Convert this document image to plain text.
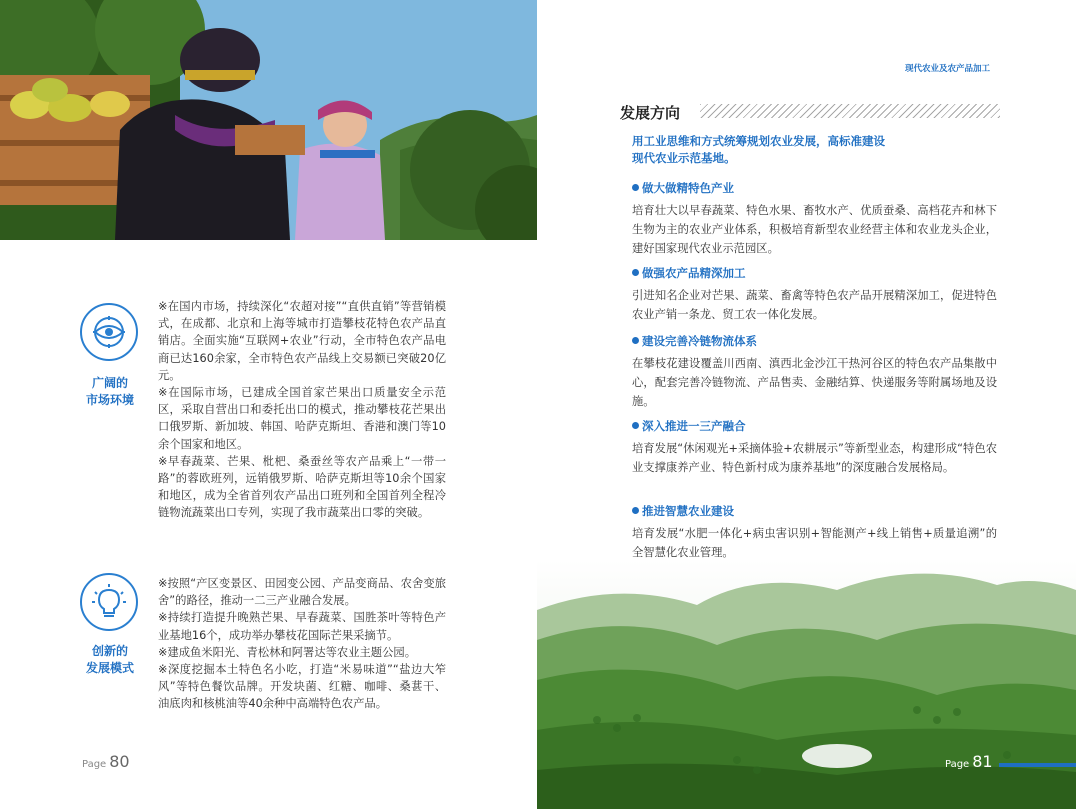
广阔的
市场环境

※在国内市场，持续深化“农超对接”“直供直销”等营销模式，在成都、北京和上海等城市打造攀枝花特色农产品直销店。全面实施“互联网+农业”行动，全市特色农产品电商已达160余家，全市特色农产品线上交易额已突破20亿元。

※在国际市场，已建成全国首家芒果出口质量安全示范区，采取自营出口和委托出口的模式，推动攀枝花芒果出口俄罗斯、新加坡、韩国、哈萨克斯坦、香港和澳门等10余个国家和地区。

※早春蔬菜、芒果、枇杷、桑蚕丝等农产品乘上“一带一路”的蓉欧班列，远销俄罗斯、哈萨克斯坦等10余个国家和地区，成为全省首列农产品出口班列和全国首列全程冷链物流蔬菜出口专列，实现了我市蔬菜出口零的突破。

创新的
发展模式

※按照“产区变景区、田园变公园、产品变商品、农舍变旅舍”的路径，推动一二三产业融合发展。

※持续打造提升晚熟芒果、早春蔬菜、国胜茶叶等特色产业基地16个，成功举办攀枝花国际芒果采摘节。

※建成鱼米阳光、青松林和阿署达等农业主题公园。

※深度挖掘本土特色名小吃，打造“米易味道”“盐边大笮风”等特色餐饮品牌。开发块菌、红糖、咖啡、桑葚干、油底肉和核桃油等40余种中高端特色农产品。

Page 80
现代农业及农产品加工
发展方向
用工业思维和方式统筹规划农业发展，高标准建设
现代农业示范基地。
做大做精特色产业
培育壮大以早春蔬菜、特色水果、畜牧水产、优质蚕桑、高档花卉和林下生物为主的农业产业体系，积极培育新型农业经营主体和农业龙头企业，建好国家现代农业示范园区。
做强农产品精深加工
引进知名企业对芒果、蔬菜、畜禽等特色农产品开展精深加工，促进特色农业产销一条龙、贸工农一体化发展。
建设完善冷链物流体系
在攀枝花建设覆盖川西南、滇西北金沙江干热河谷区的特色农产品集散中心，配套完善冷链物流、产品售卖、金融结算、快递服务等附属场地及设施。
深入推进一三产融合
培育发展“休闲观光+采摘体验+农耕展示”等新型业态，构建形成“特色农业支撑康养产业、特色新村成为康养基地”的深度融合发展格局。
推进智慧农业建设
培育发展“水肥一体化+病虫害识别+智能测产+线上销售+质量追溯”的全智慧化农业管理。
Page 81
